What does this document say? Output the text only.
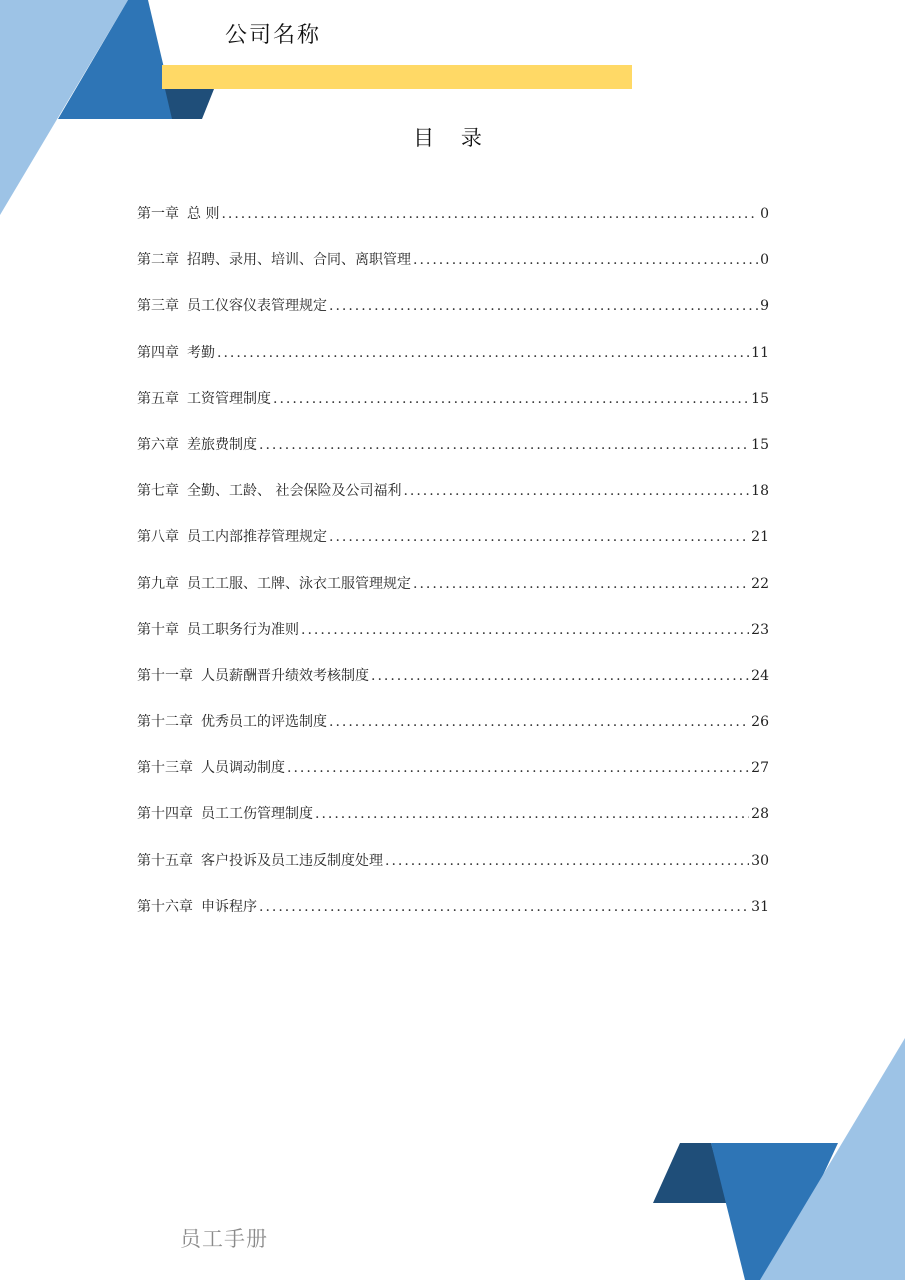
公司名称
目 录
第一章 总 则 .....	0
第二章 招聘、录用、培训、合同、离职管理 .....	0
第三章 员工仪容仪表管理规定 .....	9
第四章 考勤 .....	11
第五章 工资管理制度 .....	15
第六章 差旅费制度 .....	15
第七章 全勤、工龄、 社会保险及公司福利 .....	18
第八章 员工内部推荐管理规定 .....	21
第九章 员工工服、工牌、泳衣工服管理规定 .....	22
第十章 员工职务行为准则 .....	23
第十一章 人员薪酬晋升绩效考核制度 .....	24
第十二章 优秀员工的评选制度 .....	26
第十三章 人员调动制度 .....	27
第十四章 员工工伤管理制度 .....	28
第十五章 客户投诉及员工违反制度处理 .....	30
第十六章 申诉程序 .....	31
员工手册
